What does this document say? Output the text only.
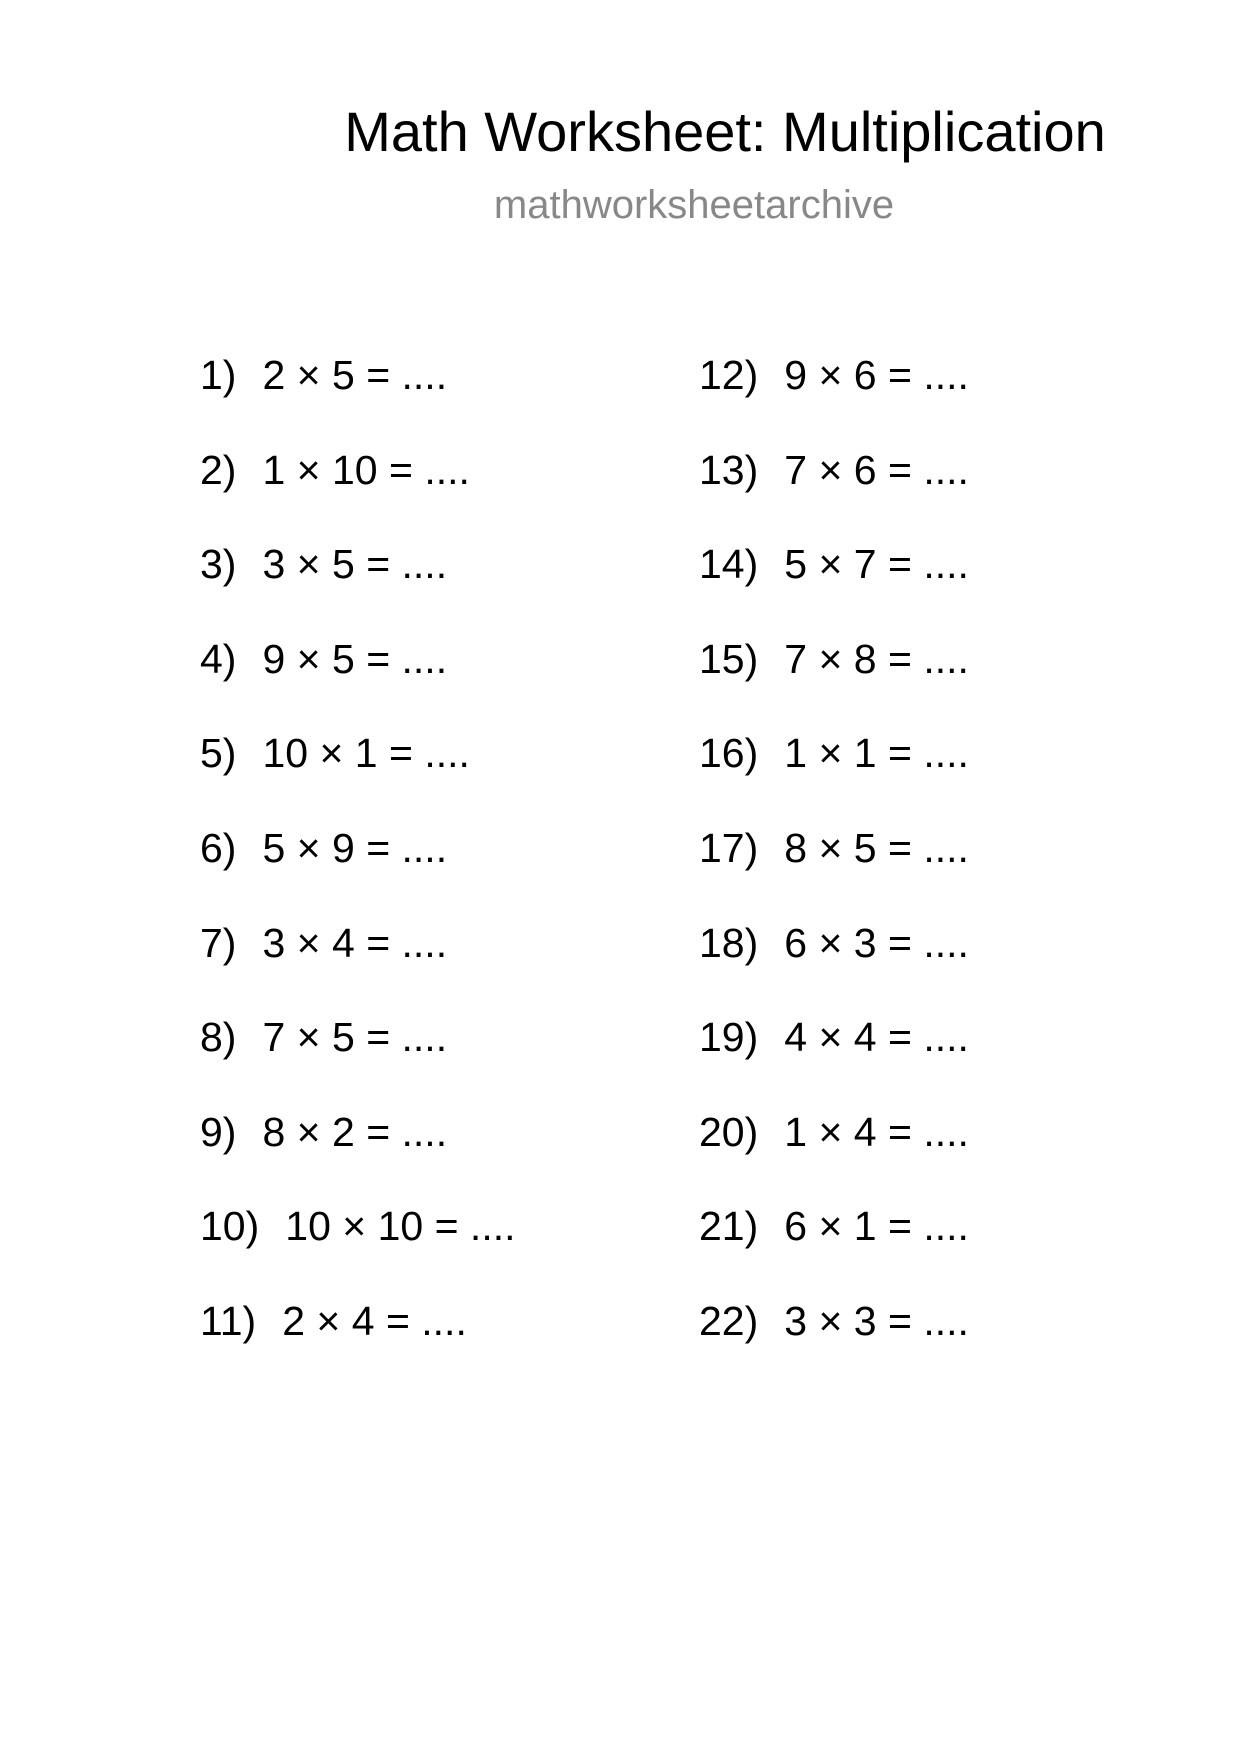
Math Worksheet: Multiplication
mathworksheetarchive
1) 2 × 5 = ....
2) 1 × 10 = ....
3) 3 × 5 = ....
4) 9 × 5 = ....
5) 10 × 1 = ....
6) 5 × 9 = ....
7) 3 × 4 = ....
8) 7 × 5 = ....
9) 8 × 2 = ....
10) 10 × 10 = ....
11) 2 × 4 = ....
12) 9 × 6 = ....
13) 7 × 6 = ....
14) 5 × 7 = ....
15) 7 × 8 = ....
16) 1 × 1 = ....
17) 8 × 5 = ....
18) 6 × 3 = ....
19) 4 × 4 = ....
20) 1 × 4 = ....
21) 6 × 1 = ....
22) 3 × 3 = ....
